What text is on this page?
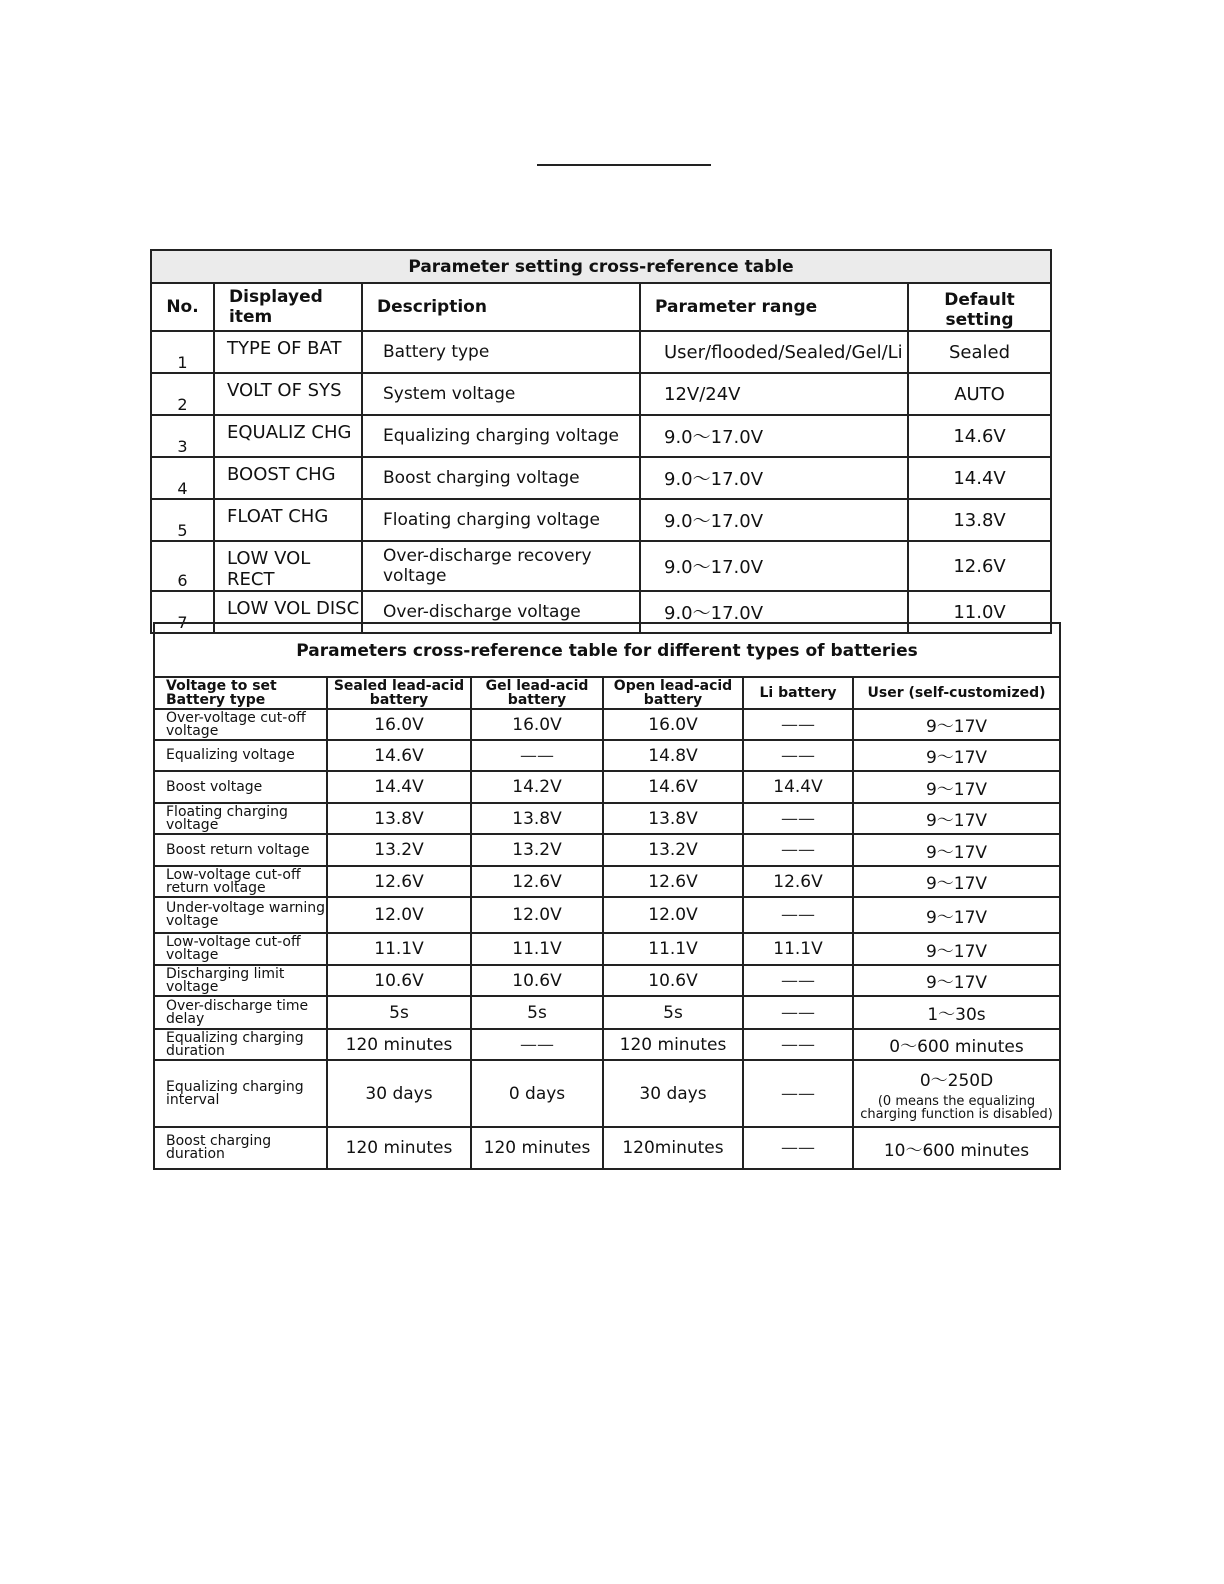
Parameter setting cross-reference table				
No.	Displayed item	Description	Parameter range	Default setting
1	TYPE OF BAT	Battery type	User/flooded/Sealed/Gel/Li	Sealed
2	VOLT OF SYS	System voltage	12V/24V	AUTO
3	EQUALIZ CHG	Equalizing charging voltage	9.0～17.0V	14.6V
4	BOOST CHG	Boost charging voltage	9.0～17.0V	14.4V
5	FLOAT CHG	Floating charging voltage	9.0～17.0V	13.8V
6	LOW VOL RECT	Over-discharge recovery voltage	9.0～17.0V	12.6V
7	LOW VOL DISC	Over-discharge voltage	9.0～17.0V	11.0V
Parameters cross-reference table for different types of batteries					
Voltage to set
Battery type	Sealed lead-acid battery	Gel lead-acid battery	Open lead-acid battery	Li battery	User (self-customized)
Over-voltage cut-off voltage	16.0V	16.0V	16.0V	——	9～17V
Equalizing voltage	14.6V	——	14.8V	——	9～17V
Boost voltage	14.4V	14.2V	14.6V	14.4V	9～17V
Floating charging voltage	13.8V	13.8V	13.8V	——	9～17V
Boost return voltage	13.2V	13.2V	13.2V	——	9～17V
Low-voltage cut-off return voltage	12.6V	12.6V	12.6V	12.6V	9～17V
Under-voltage warning voltage	12.0V	12.0V	12.0V	——	9～17V
Low-voltage cut-off voltage	11.1V	11.1V	11.1V	11.1V	9～17V
Discharging limit voltage	10.6V	10.6V	10.6V	——	9～17V
Over-discharge time delay	5s	5s	5s	——	1～30s
Equalizing charging duration	120 minutes	——	120 minutes	——	0～600 minutes
Equalizing charging interval	30 days	0 days	30 days	——	0～250D
(0 means the equalizing charging function is disabled)

Boost charging duration	120 minutes	120 minutes	120minutes	——	10～600 minutes
